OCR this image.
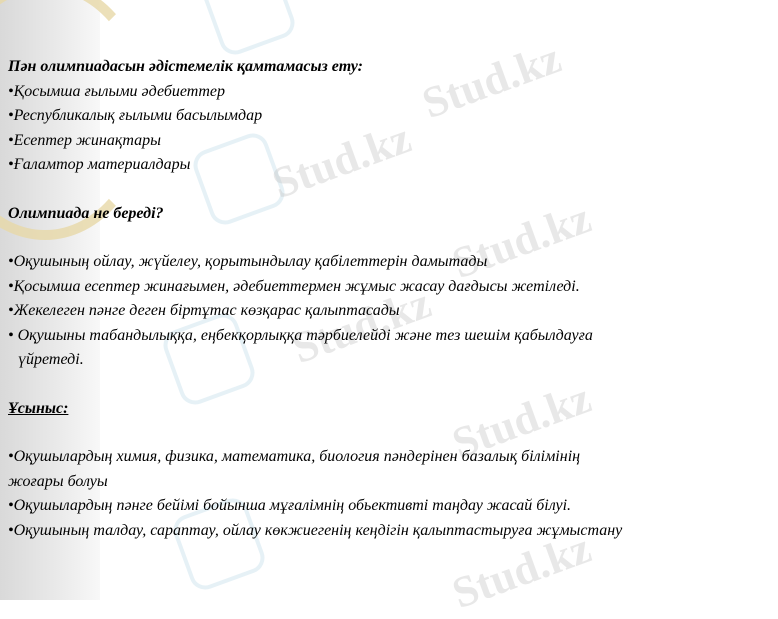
Stud.kz
Stud.kz
Stud.kz
Stud.kz
Stud.kz
Stud.kz
Пән олимпиадасын әдістемелік қамтамасыз ету:
•Қосымша ғылыми әдебиеттер
•Республикалық ғылыми басылымдар
•Есептер жинақтары
•Ғаламтор материалдары
Олимпиада не береді?
•Оқушының ойлау, жүйелеу, қорытындылау қабілеттерін дамытады
•Қосымша есептер жинағымен, әдебиеттермен жұмыс жасау дағдысы жетіледі.
•Жекелеген пәнге деген біртұтас көзқарас қалыптасады
• Оқушыны табандылыққа, еңбекқорлыққа тәрбиелейді және тез шешім қабылдауға
үйретеді.
Ұсыныс:
•Оқушылардың химия, физика, математика, биология пәндерінен базалық білімінің
жоғары болуы
•Оқушылардың пәнге бейімі бойынша мұғалімнің обьективті таңдау жасай білуі.
•Оқушының талдау, сараптау, ойлау көкжиегенің кеңдігін қалыптастыруға жұмыстану
